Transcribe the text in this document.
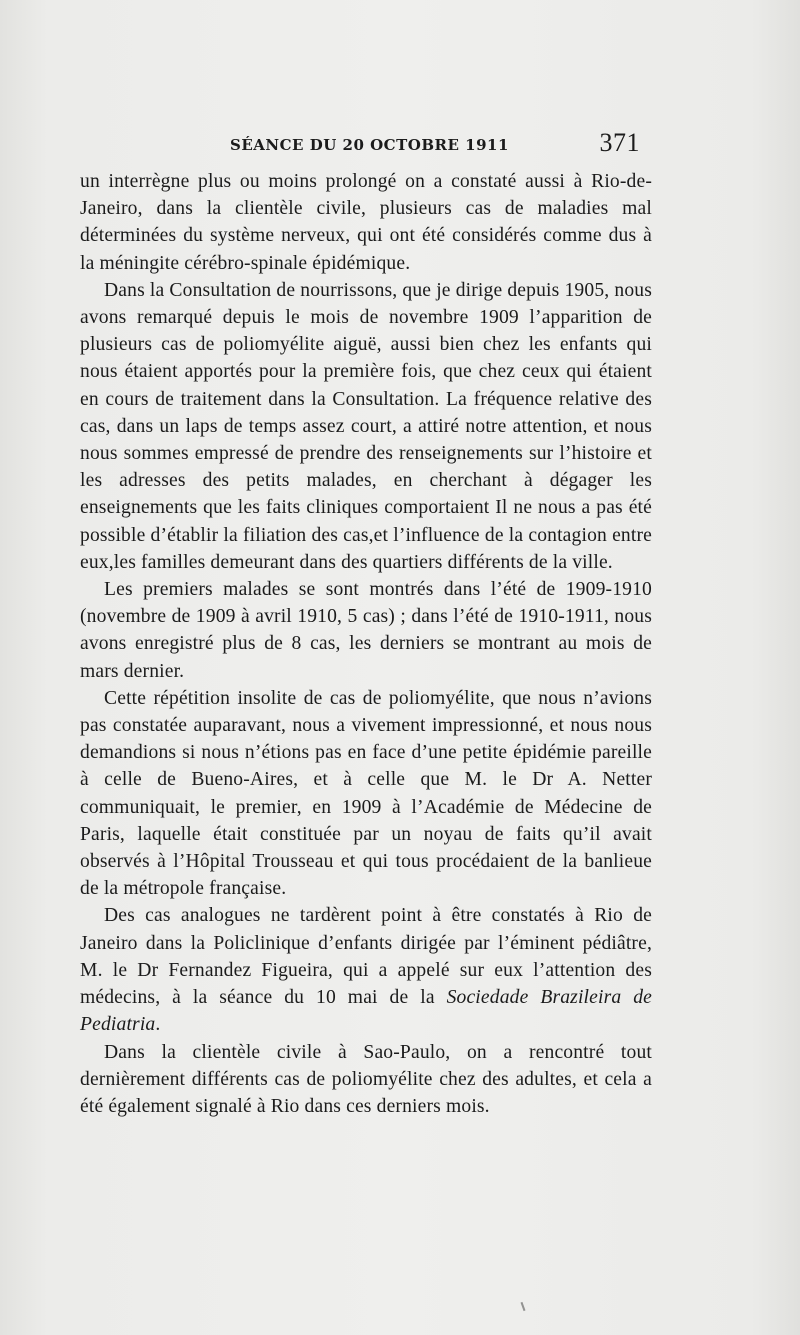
SÉANCE DU 20 OCTOBRE 1911	371

un interrègne plus ou moins prolongé on a constaté aussi à Rio-de-Janeiro, dans la clientèle civile, plusieurs cas de maladies mal déterminées du système nerveux, qui ont été considérés comme dus à la méningite cérébro-spinale épidémique.

Dans la Consultation de nourrissons, que je dirige depuis 1905, nous avons remarqué depuis le mois de novembre 1909 l’apparition de plusieurs cas de poliomyélite aiguë, aussi bien chez les enfants qui nous étaient apportés pour la première fois, que chez ceux qui étaient en cours de traitement dans la Consultation. La fréquence relative des cas, dans un laps de temps assez court, a attiré notre attention, et nous nous sommes empressé de prendre des renseignements sur l’histoire et les adresses des petits malades, en cherchant à dégager les enseignements que les faits cliniques comportaient Il ne nous a pas été possible d’établir la filiation des cas,et l’influence de la contagion entre eux,les familles demeurant dans des quartiers différents de la ville.

Les premiers malades se sont montrés dans l’été de 1909-1910 (novembre de 1909 à avril 1910, 5 cas) ; dans l’été de 1910-1911, nous avons enregistré plus de 8 cas, les derniers se montrant au mois de mars dernier.

Cette répétition insolite de cas de poliomyélite, que nous n’avions pas constatée auparavant, nous a vivement impressionné, et nous nous demandions si nous n’étions pas en face d’une petite épidémie pareille à celle de Bueno-Aires, et à celle que M. le Dr A. Netter communiquait, le premier, en 1909 à l’Académie de Médecine de Paris, laquelle était constituée par un noyau de faits qu’il avait observés à l’Hôpital Trousseau et qui tous procédaient de la banlieue de la métropole française.

Des cas analogues ne tardèrent point à être constatés à Rio de Janeiro dans la Policlinique d’enfants dirigée par l’éminent pédiâtre, M. le Dr Fernandez Figueira, qui a appelé sur eux l’attention des médecins, à la séance du 10 mai de la Sociedade Brazileira de Pediatria.

Dans la clientèle civile à Sao-Paulo, on a rencontré tout dernièrement différents cas de poliomyélite chez des adultes, et cela a été également signalé à Rio dans ces derniers mois.
